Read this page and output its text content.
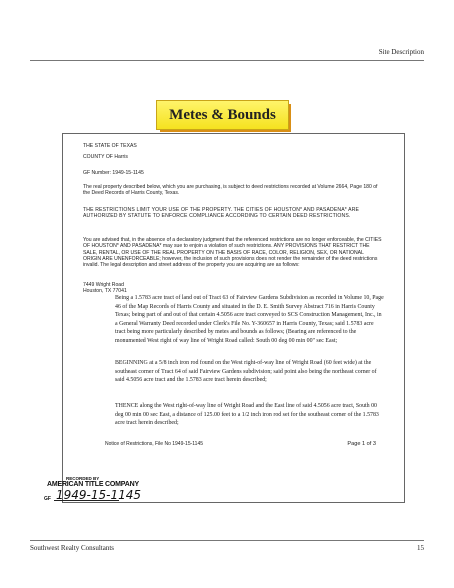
Site Description
Metes & Bounds
THE STATE OF TEXAS
COUNTY OF Harris
GF Number: 1949-15-1145
The real property described below, which you are purchasing, is subject to deed restrictions recorded at Volume 2664, Page 180 of the Deed Records of Harris County, Texas.
THE RESTRICTIONS LIMIT YOUR USE OF THE PROPERTY. THE CITIES OF HOUSTON* AND PASADENA* ARE AUTHORIZED BY STATUTE TO ENFORCE COMPLIANCE ACCORDING TO CERTAIN DEED RESTRICTIONS.
You are advised that, in the absence of a declaratory judgment that the referenced restrictions are no longer enforceable, the CITIES OF HOUSTON* AND PASADENA* may sue to enjoin a violation of such restrictions. ANY PROVISIONS THAT RESTRICT THE SALE, RENTAL, OR USE OF THE REAL PROPERTY ON THE BASIS OF RACE, COLOR, RELIGION, SEX, OR NATIONAL ORIGIN ARE UNENFORCEABLE; however, the inclusion of such provisions does not render the remainder of the deed restrictions invalid. The legal description and street address of the property you are acquiring are as follows:
7449 Wright Road
Houston, TX 77041
Being a 1.5783 acre tract of land out of Tract 63 of Fairview Gardens Subdivision as recorded in Volume 10, Page 46 of the Map Records of Harris County and situated in the D. E. Smith Survey Abstract 716 in Harris County Texas; being part of and out of that certain 4.5056 acre tract conveyed to SCS Construction Management, Inc., in a General Warranty Deed recorded under Clerk's File No. Y-360657 in Harris County, Texas; said 1.5783 acre tract being more particularly described by metes and bounds as follows; (Bearing are referenced to the monumented West right of way line of Wright Road called: South 00 deg 00 min 00" sec East;
BEGINNING at a 5/8 inch iron rod found on the West right-of-way line of Wright Road (60 feet wide) at the southeast corner of Tract 64 of said Fairview Gardens subdivision; said point also being the northeast corner of said 4.5056 acre tract and the 1.5783 acre tract herein described;
THENCE along the West right-of-way line of Wright Road and the East line of said 4.5056 acre tract, South 00 deg 00 min 00 sec East, a distance of 125.00 feet to a 1/2 inch iron rod set for the southeast corner of the 1.5783 acre tract herein described;
Notice of Restrictions, File No 1949-15-1145	Page 1 of 3
RECORDED BY
AMERICAN TITLE COMPANY
GF 1949-15-1145
Southwest Realty Consultants	15
